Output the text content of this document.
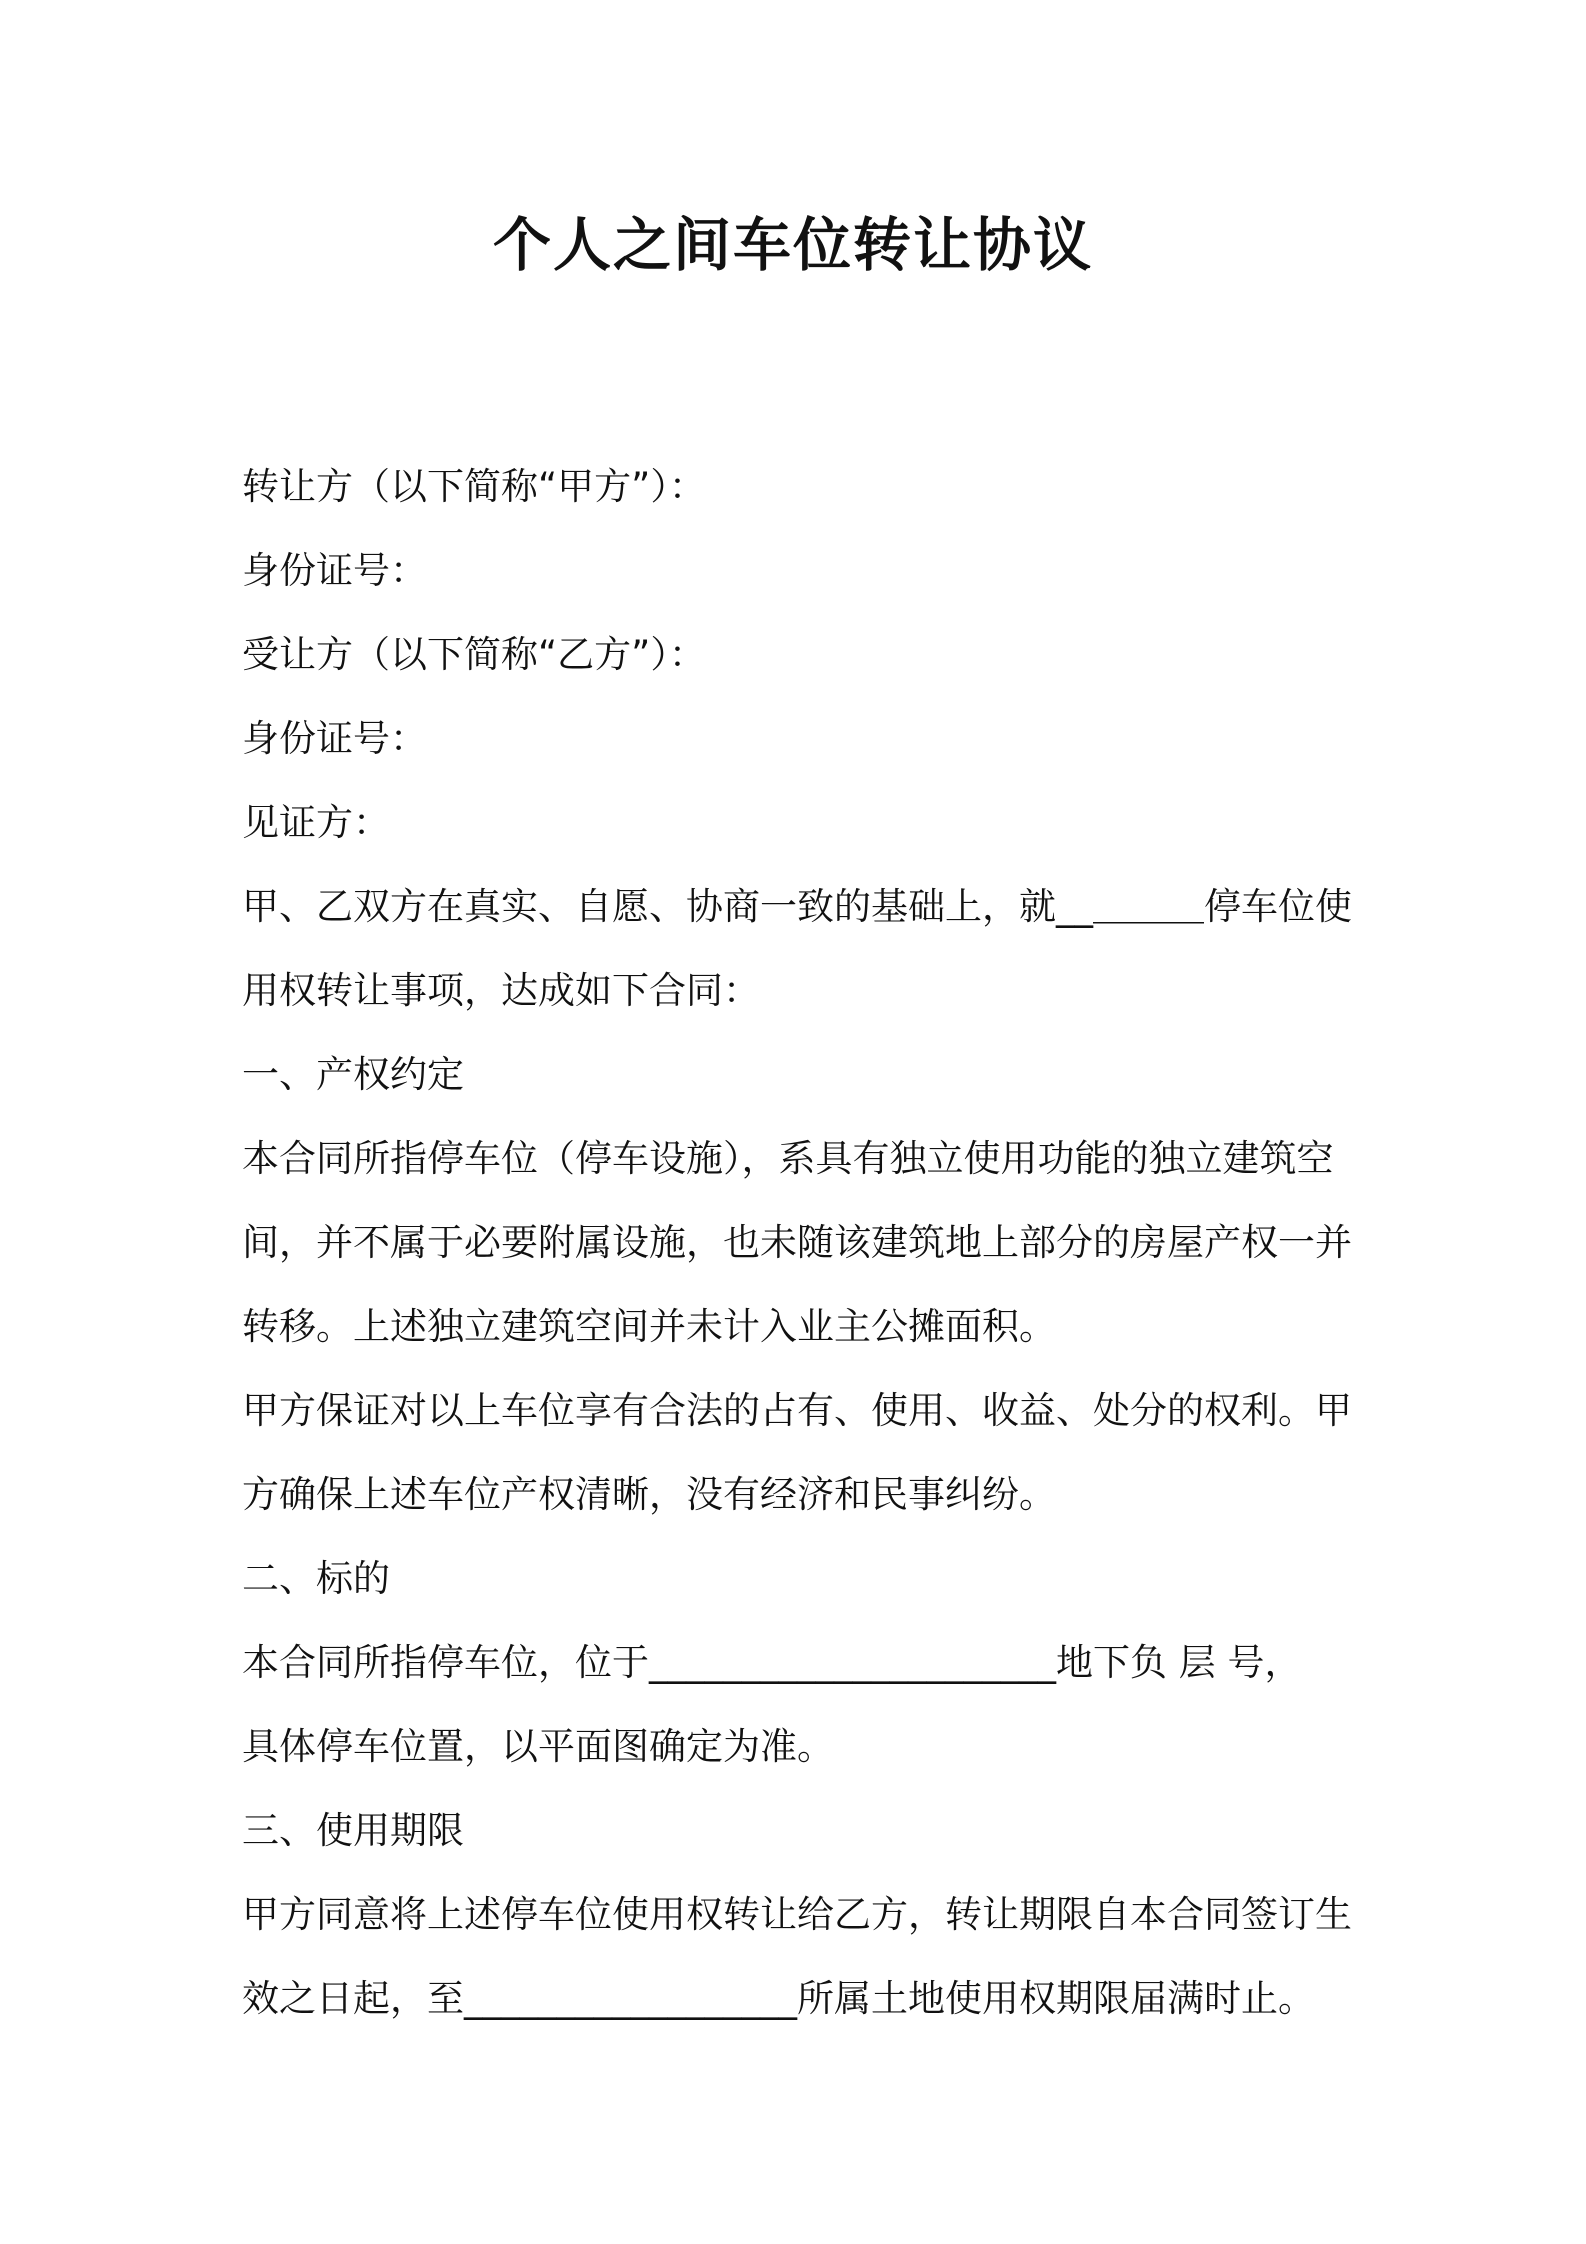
个人之间车位转让协议

转让方（以下简称“甲方”）：

身份证号：

受让方（以下简称“乙方”）：

身份证号：

见证方：

甲、乙双方在真实、自愿、协商一致的基础上，就__＿＿＿停车位使

用权转让事项，达成如下合同：

一、产权约定

本合同所指停车位（停车设施），系具有独立使用功能的独立建筑空

间，并不属于必要附属设施，也未随该建筑地上部分的房屋产权一并

转移。上述独立建筑空间并未计入业主公摊面积。

甲方保证对以上车位享有合法的占有、使用、收益、处分的权利。甲

方确保上述车位产权清晰，没有经济和民事纠纷。

二、标的

本合同所指停车位，位于______________________地下负 层 号，

具体停车位置，以平面图确定为准。

三、使用期限

甲方同意将上述停车位使用权转让给乙方，转让期限自本合同签订生

效之日起，至__________________所属土地使用权期限届满时止。
